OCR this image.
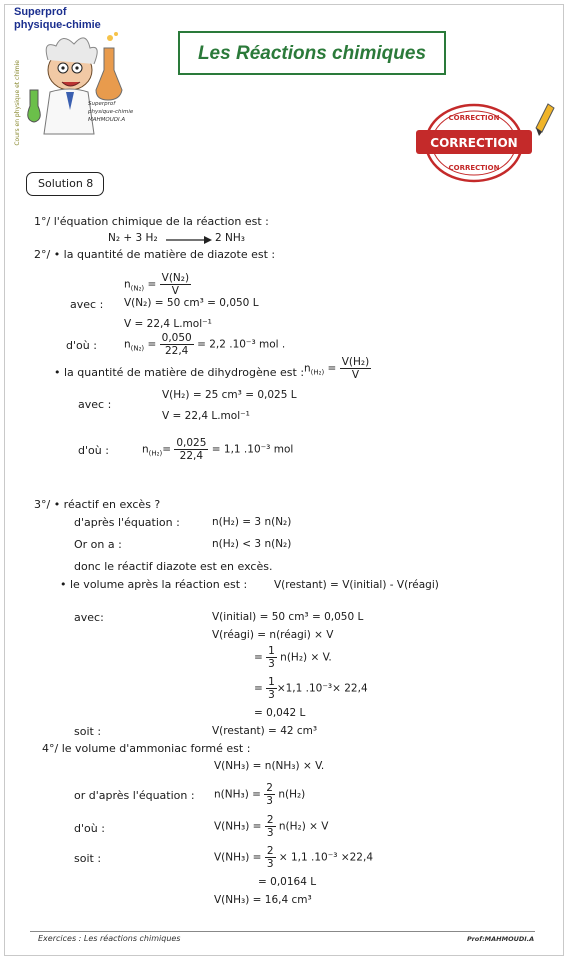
Superprof
physique-chimie
Cours en physique et chimie	Superprof
physique-chimie
MAHMOUDI.A
Les Réactions chimiques
CORRECTION
CORRECTION
CORRECTION
Solution 8
1°/ l'équation chimique de la réaction est :
N₂ + 3 H₂ → 2 NH₃
2°/ • la quantité de matière de diazote est :
$n_{(N_2)} = \frac{\text{V(N₂)}}{V}$
avec : V(N₂) = 50 cm³ = 0,050 L
V = 22,4 L.mol⁻¹
d'où :	$n_{(N_2)} = \frac{0,050}{22,4} = 2,2$ .10⁻³ mol .
• la quantité de matière de dihydrogène est : $n_{(H_2)} = \frac{\text{V(H₂)}}{V}$
avec :
V(H₂) = 25 cm³ = 0,025 L
V = 22,4 L.mol⁻¹
d'où :	$n_{(H_2)}= \frac{0,025}{22,4} = 1,1$ .10⁻³ mol
3°/ • réactif en excès ?
d'après l'équation :	n(H₂) = 3 n(N₂)
Or on a :	n(H₂) < 3 n(N₂)
donc le réactif diazote est en excès.
• le volume après la réaction est :	V(restant) = V(initial) - V(réagi)
avec:	V(initial) = 50 cm³ = 0,050 L
V(réagi) = n(réagi) × V
= $\frac{1}{3} n(H_2) \times V$.
= $\frac{1}{3} \times 1,1$ .10⁻³× 22,4
= 0,042 L
soit :	V(restant) = 42 cm³
4°/ le volume d'ammoniac formé est :
V(NH₃) = n(NH₃) × V.
or d'après l'équation : $n(NH_3) = \frac{2}{3} n(H_2)$
d'où :	$V(NH_3) = \frac{2}{3} n(H_2) \times V$
soit :	$V(NH_3) = \frac{2}{3} \times 1,1$ .10⁻³ ×22,4
= 0,0164 L
V(NH₃) = 16,4 cm³
Exercices : Les réactions chimiques	Prof:MAHMOUDI.A
